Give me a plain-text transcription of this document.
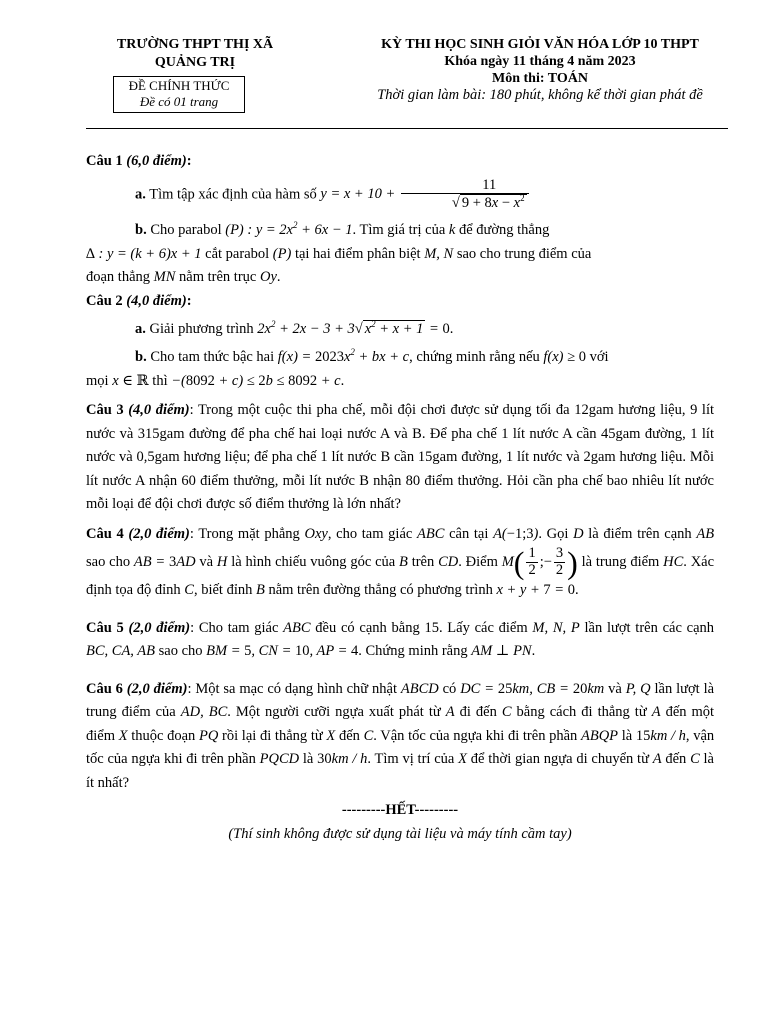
TRƯỜNG THPT THỊ XÃ
QUẢNG TRỊ
ĐỀ CHÍNH THỨC
Đề có 01 trang
KỲ THI HỌC SINH GIỎI VĂN HÓA LỚP 10 THPT
Khóa ngày 11 tháng 4 năm 2023
Môn thi: TOÁN
Thời gian làm bài: 180 phút, không kể thời gian phát đề

Câu 1 (6,0 điểm):

a. Tìm tập xác định của hàm số $y = x + 10 + \frac{11}{√ 9 + 8x - x^2}$

b. Cho parabol (P) : $y = 2x^2 + 6x - 1$. Tìm giá trị của k để đường thẳng

∆ : y = (k + 6)x + 1 cắt parabol (P) tại hai điểm phân biệt M, N sao cho trung điểm của

đoạn thẳng MN nằm trên trục Oy.

Câu 2 (4,0 điểm):

a. Giải phương trình $2x^2 + 2x - 3 + 3√$ $x^2 + x + 1 = 0$.

b. Cho tam thức bậc hai $f(x) = 2023x^2$ + bx + c, chứng minh rằng nếu f(x) ≥ 0 với

mọi x ∈ ℝ thì −(8092 + c) ≤ 2b ≤ 8092 + c.

Câu 3 (4,0 điểm): Trong một cuộc thi pha chế, mỗi đội chơi được sử dụng tối đa 12gam hương liệu, 9 lít nước và 315gam đường để pha chế hai loại nước A và B. Để pha chế 1 lít nước A cần 45gam đường, 1 lít nước và 0,5gam hương liệu; để pha chế 1 lít nước B cần 15gam đường, 1 lít nước và 2gam hương liệu. Mỗi lít nước A nhận 60 điểm thưởng, mỗi lít nước B nhận 80 điểm thưởng. Hỏi cần pha chế bao nhiêu lít nước mỗi loại để đội chơi được số điểm thưởng là lớn nhất?

Câu 4 (2,0 điểm): Trong mặt phẳng Oxy, cho tam giác ABC cân tại A(−1;3). Gọi D là điểm trên cạnh AB sao cho AB = 3AD và H là hình chiếu vuông góc của B trên CD. Điểm $M( \frac{1}{2}$ ;− $\frac{3}{2}$ ) là trung điểm HC. Xác định tọa độ đỉnh C, biết đỉnh B nằm trên đường thẳng có phương trình x + y + 7 = 0.

Câu 5 (2,0 điểm): Cho tam giác ABC đều có cạnh bằng 15. Lấy các điểm M, N, P lần lượt trên các cạnh BC, CA, AB sao cho BM = 5, CN = 10, AP = 4. Chứng minh rằng AM ⊥ PN.

Câu 6 (2,0 điểm): Một sa mạc có dạng hình chữ nhật ABCD có DC = 25km, CB = 20km và P, Q lần lượt là trung điểm của AD, BC. Một người cưỡi ngựa xuất phát từ A đi đến C bằng cách đi thẳng từ A đến một điểm X thuộc đoạn PQ rồi lại đi thẳng từ X đến C. Vận tốc của ngựa khi đi trên phần ABQP là 15km / h, vận tốc của ngựa khi đi trên phần PQCD là 30km / h. Tìm vị trí của X để thời gian ngựa di chuyển từ A đến C là ít nhất?

---------HẾT---------

(Thí sinh không được sử dụng tài liệu và máy tính cầm tay)
